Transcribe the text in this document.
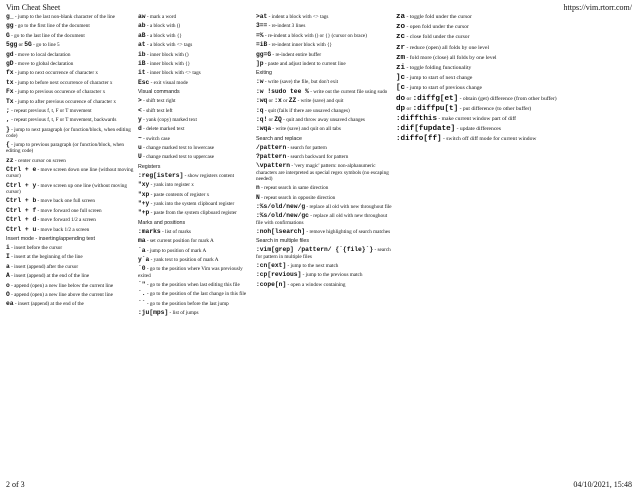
Vim Cheat Sheet	https://vim.rtorr.com/
g_ - jump to the last non-blank character of the line
gg - go to the first line of the document
G - go to the last line of the document
5gg or 5G - go to line 5
gd - move to local declaration
gD - move to global declaration
fx - jump to next occurrence of character x
tx - jump to before next occurrence of character x
Fx - jump to previous occurence of character x
Tx - jump to after previous occurence of character x
; - repeat previous f, t, F or T movement
, - repeat previous f, t, F or T movement, backwards
} - jump to next paragraph (or function/block, when editing code)
{ - jump to previous paragraph (or function/block, when editing code)
zz - center cursor on screen
Ctrl + e - move screen down one line (without moving cursor)
Ctrl + y - move screen up one line (without moving cursor)
Ctrl + b - move back one full screen
Ctrl + f - move forward one full screen
Ctrl + d - move forward 1/2 a screen
Ctrl + u - move back 1/2 a screen
Insert mode - inserting/appending text
i - insert before the cursor
I - insert at the beginning of the line
a - insert (append) after the cursor
A - insert (append) at the end of the line
o - append (open) a new line below the current line
O - append (open) a new line above the current line
ea - insert (append) at the end of the
aw - mark a word
ab - a block with ()
aB - a block with {}
at - a block with <> tags
ib - inner block with ()
iB - inner block with {}
it - inner block with <> tags
Esc - exit visual mode
Visual commands
> - shift text right
< - shift text left
y - yank (copy) marked text
d - delete marked text
~ - switch case
u - change marked text to lowercase
U - change marked text to uppercase
Registers
:reg[isters] - show registers content
"xy - yank into register x
"xp - paste contents of register x
"+y - yank into the system clipboard register
"+p - paste from the system clipboard register
Marks and positions
:marks - list of marks
ma - set current position for mark A
`a - jump to position of mark A
y`a - yank text to position of mark A
`0 - go to the position where Vim was previously exited
`" - go to the position when last editing this file
`. - go to the position of the last change in this file
`` - go to the position before the last jump
:ju[mps] - list of jumps
>at - indent a block with <> tags
3== - re-indent 3 lines
=% - re-indent a block with () or {} (cursor on brace)
=iB - re-indent inner block with {}
gg=G - re-indent entire buffer
]p - paste and adjust indent to current line
Exiting
:w - write (save) the file, but don't exit
:w !sudo tee % - write out the current file using sudo
:wq or :x or ZZ - write (save) and quit
:q - quit (fails if there are unsaved changes)
:q! or ZQ - quit and throw away unsaved changes
:wqa - write (save) and quit on all tabs
Search and replace
/pattern - search for pattern
?pattern - search backward for pattern
\vpattern - 'very magic' pattern: non-alphanumeric characters are interpreted as special regex symbols (no escaping needed)
n - repeat search in same direction
N - repeat search in opposite direction
:%s/old/new/g - replace all old with new throughout file
:%s/old/new/gc - replace all old with new throughout file with confirmations
:noh[lsearch] - remove highlighting of search matches
Search in multiple files
:vim[grep] /pattern/ {`{file}`} - search for pattern in multiple files
:cn[ext] - jump to the next match
:cp[revious] - jump to the previous match
:cope[n] - open a window containing
za - toggle fold under the cursor
zo - open fold under the cursor
zc - close fold under the cursor
zr - reduce (open) all folds by one level
zm - fold more (close) all folds by one level
zi - toggle folding functionality
]c - jump to start of next change
[c - jump to start of previous change
do or :diffg[et] - obtain (get) difference (from other buffer)
dp or :diffpu[t] - put difference (to other buffer)
:diffthis - make current window part of diff
:dif[fupdate] - update differences
:diffo[ff] - switch off diff mode for current window
2 of 3	04/10/2021, 15:48
